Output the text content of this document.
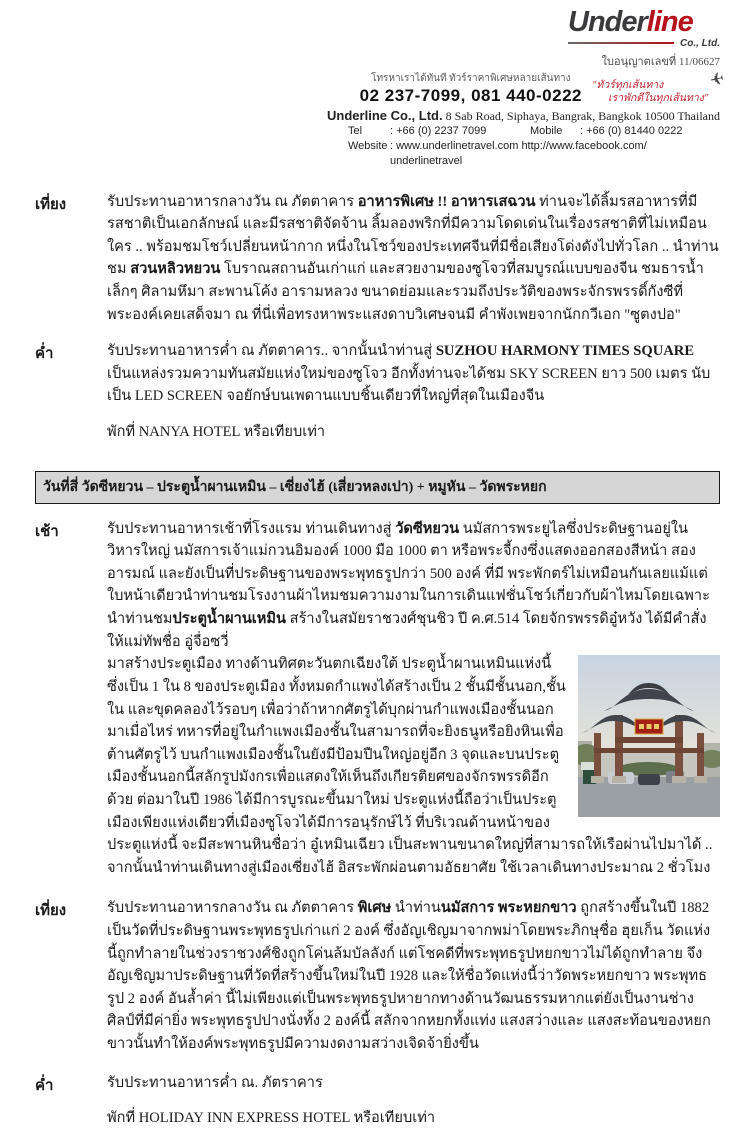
Underline
Co., Ltd.
ใบอนุญาตเลขที่ 11/06627
โทรหาเราได้ทันที ทัวร์ราคาพิเศษหลายเส้นทาง
02 237-7099, 081 440-0222
✈
"ทัวร์ทุกเส้นทาง
เราพักดีในทุกเส้นทาง"
Underline Co., Ltd. 8 Sab Road, Siphaya, Bangrak, Bangkok 10500 Thailand
Tel	: +66 (0) 2237 7099	Mobile	: +66 (0) 81440 0222
Website : www.underlinetravel.com http://www.facebook.com/ underlinetravel
เที่ยง	รับประทานอาหารกลางวัน ณ ภัตตาคาร อาหารพิเศษ !! อาหารเสฉวน ท่านจะได้ลิ้มรสอาหารที่มีรสชาติเป็นเอกลักษณ์ และมีรสชาติจัดจ้าน ลิ้มลองพริกที่มีความโดดเด่นในเรื่องรสชาติที่ไม่เหมือนใคร .. พร้อมชมโชว์เปลี่ยนหน้ากาก หนึ่งในโชว์ของประเทศจีนที่มีชื่อเสียงโด่งดังไปทั่วโลก .. นำท่านชม สวนหลิวหยวน โบราณสถานอันเก่าแก่ และสวยงามของซูโจวที่สมบูรณ์แบบของจีน ชมธารน้ำเล็กๆ ศิลามหึมา สะพานโค้ง อารามหลวง ขนาดย่อมและรวมถึงประวัติของพระจักรพรรดิ์กังซีที่พระองค์เคยเสด็จมา ณ ที่นี่เพื่อทรงหาพระแสงดาบวิเศษจนมี คำพังเพยจากนักกวีเอก "ซูตงปอ"
ค่ำ	รับประทานอาหารค่ำ ณ ภัตตาคาร.. จากนั้นนำท่านสู่ SUZHOU HARMONY TIMES SQUARE เป็นแหล่งรวมความทันสมัยแห่งใหม่ของซูโจว อีกทั้งท่านจะได้ชม SKY SCREEN ยาว 500 เมตร นับเป็น LED SCREEN จอยักษ์บนเพดานแบบชิ้นเดียวที่ใหญ่ที่สุดในเมืองจีน
พักที่ NANYA HOTEL หรือเทียบเท่า
วันที่สี่ วัดซีหยวน – ประตูน้ำผานเหมิน – เซี่ยงไฮ้ (เสี่ยวหลงเปา) + หมูหัน – วัดพระหยก
เช้า	รับประทานอาหารเช้าที่โรงแรม ท่านเดินทางสู่ วัดซีหยวน นมัสการพระยูไลซึ่งประดิษฐานอยู่ในวิหารใหญ่ นมัสการเจ้าแม่กวนอิมองค์ 1000 มือ 1000 ตา หรือพระจี้กงซึ่งแสดงออกสองสีหน้า สองอารมณ์ และยังเป็นที่ประดิษฐานของพระพุทธรูปกว่า 500 องค์ ที่มี พระพักตร์ไม่เหมือนกันเลยแม้แต่ใบหน้าเดียวนำท่านชมโรงงานผ้าไหมชมความงามในการเดินแฟชั่นโชว์เกี่ยวกับผ้าไหมโดยเฉพาะ นำท่านชมประตูน้ำผานเหมิน สร้างในสมัยราชวงศ์ชุนชิว ปี ค.ศ.514 โดยจักรพรรดิอู๋หวัง ได้มีคำสั่งให้แม่ทัพชื่อ อู่จื่อซวี่
มาสร้างประตูเมือง ทางด้านทิศตะวันตกเฉียงใต้ ประตูน้ำผานเหมินแห่งนี้ ซึ่งเป็น 1 ใน 8 ของประตูเมือง ทั้งหมดกำแพงได้สร้างเป็น 2 ชั้นมีชั้นนอก,ชั้นใน และขุดคลองไว้รอบๆ เพื่อว่าถ้าหากศัตรูได้บุกผ่านกำแพงเมืองชั้นนอกมาเมื่อไหร่ ทหารที่อยู่ในกำแพงเมืองชั้นในสามารถที่จะยิงธนูหรือยิงหินเพื่อต้านศัตรูไว้ บนกำแพงเมืองชั้นในยังมีป้อมปืนใหญ่อยู่อีก 3 จุดและบนประตูเมืองชั้นนอกนี้สลักรูปมังกรเพื่อแสดงให้เห็นถึงเกียรติยศของจักรพรรดิอีกด้วย ต่อมาในปี 1986 ได้มีการบูรณะขึ้นมาใหม่ ประตูแห่งนี้ถือว่าเป็นประตูเมืองเพียงแห่งเดียวที่เมืองซูโจวได้มีการอนุรักษ์ไว้ ที่บริเวณด้านหน้าของประตูแห่งนี้ จะมีสะพานหินชื่อว่า อู๋เหมินเฉียว เป็นสะพานขนาดใหญ่ที่สามารถให้เรือผ่านไปมาได้ .. จากนั้นนำท่านเดินทางสู่เมืองเซี่ยงไฮ้ อิสระพักผ่อนตามอัธยาศัย ใช้เวลาเดินทางประมาณ 2 ชั่วโมง
เที่ยง	รับประทานอาหารกลางวัน ณ ภัตตาคาร พิเศษ นำท่านนมัสการ พระหยกขาว ถูกสร้างขึ้นในปี 1882 เป็นวัดที่ประดิษฐานพระพุทธรูปเก่าแก่ 2 องค์ ซึ่งอัญเชิญมาจากพม่าโดยพระภิกษุชื่อ ฮุยเก็น วัดแห่งนี้ถูกทำลายในช่วงราชวงศ์ชิงถูกโค่นล้มบัลลังก์ แต่โชคดีที่พระพุทธรูปหยกขาวไม่ได้ถูกทำลาย จึงอัญเชิญมาประดิษฐานที่วัดที่สร้างขึ้นใหม่ในปี 1928 และให้ชื่อวัดแห่งนี้ว่าวัดพระหยกขาว พระพุทธรูป 2 องค์ อันล้ำค่า นี้ไม่เพียงแต่เป็นพระพุทธรูปหายากทางด้านวัฒนธรรมหากแต่ยังเป็นงานช่างศิลป์ที่มีค่ายิ่ง พระพุทธรูปปางนั่งทั้ง 2 องค์นี้ สลักจากหยกทั้งแท่ง แสงสว่างและ แสงสะท้อนของหยกขาวนั้นทำให้องค์พระพุทธรูปมีความงดงามสว่างเจิดจ้ายิ่งขึ้น
ค่ำ	รับประทานอาหารค่ำ ณ. ภัตราคาร
พักที่ HOLIDAY INN EXPRESS HOTEL หรือเทียบเท่า
